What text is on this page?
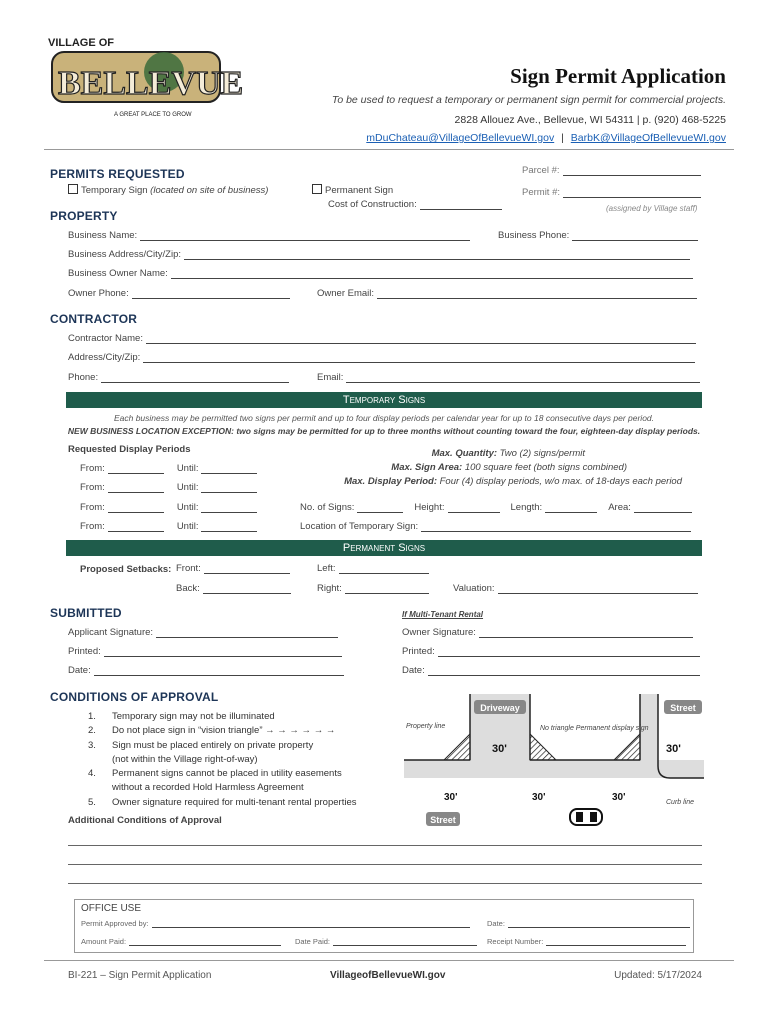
VILLAGE OF
BELLEVUE
A GREAT PLACE TO GROW
Sign Permit Application
To be used to request a temporary or permanent sign permit for commercial projects.
2828 Allouez Ave., Bellevue, WI 54311 | p. (920) 468-5225
mDuChateau@VillageOfBellevueWI.gov | BarbK@VillageOfBellevueWI.gov
PERMITS REQUESTED
Temporary Sign (located on site of business)	Permanent Sign
Cost of Construction:
Parcel #:
Permit #:
(assigned by Village staff)
PROPERTY
Business Name:	Business Phone:
Business Address/City/Zip:
Business Owner Name:
Owner Phone:	Owner Email:
CONTRACTOR
Contractor Name:
Address/City/Zip:
Phone:	Email:
Temporary Signs
Each business may be permitted two signs per permit and up to four display periods per calendar year for up to 18 consecutive days per period.
NEW BUSINESS LOCATION EXCEPTION: two signs may be permitted for up to three months without counting toward the four, eighteen-day display periods.
Requested Display Periods
From:	Until:
From:	Until:
From:	Until:
From:	Until:
Max. Quantity: Two (2) signs/permit
Max. Sign Area: 100 square feet (both signs combined)
Max. Display Period: Four (4) display periods, w/o max. of 18-days each period
No. of Signs:	Height:	Length:	Area:
Location of Temporary Sign:
Permanent Signs
Proposed Setbacks: Front:	Left:
Back:	Right:	Valuation:
SUBMITTED	If Multi-Tenant Rental
Applicant Signature:	Owner Signature:
Printed:	Printed:
Date:	Date:
CONDITIONS OF APPROVAL
1. Temporary sign may not be illuminated
2. Do not place sign in “vision triangle” → → → → → →
3. Sign must be placed entirely on private property
(not within the Village right-of-way)
4. Permanent signs cannot be placed in utility easements
without a recorded Hold Harmless Agreement
5. Owner signature required for multi-tenant rental properties
Driveway	Street
Property line	No triangle Permanent display sign
30'	30'
30'	30'	30'	Curb line
Street
Additional Conditions of Approval
OFFICE USE
Permit Approved by:	Date:
Amount Paid:	Date Paid:	Receipt Number:
BI-221 – Sign Permit Application	VillageofBellevueWI.gov	Updated: 5/17/2024
